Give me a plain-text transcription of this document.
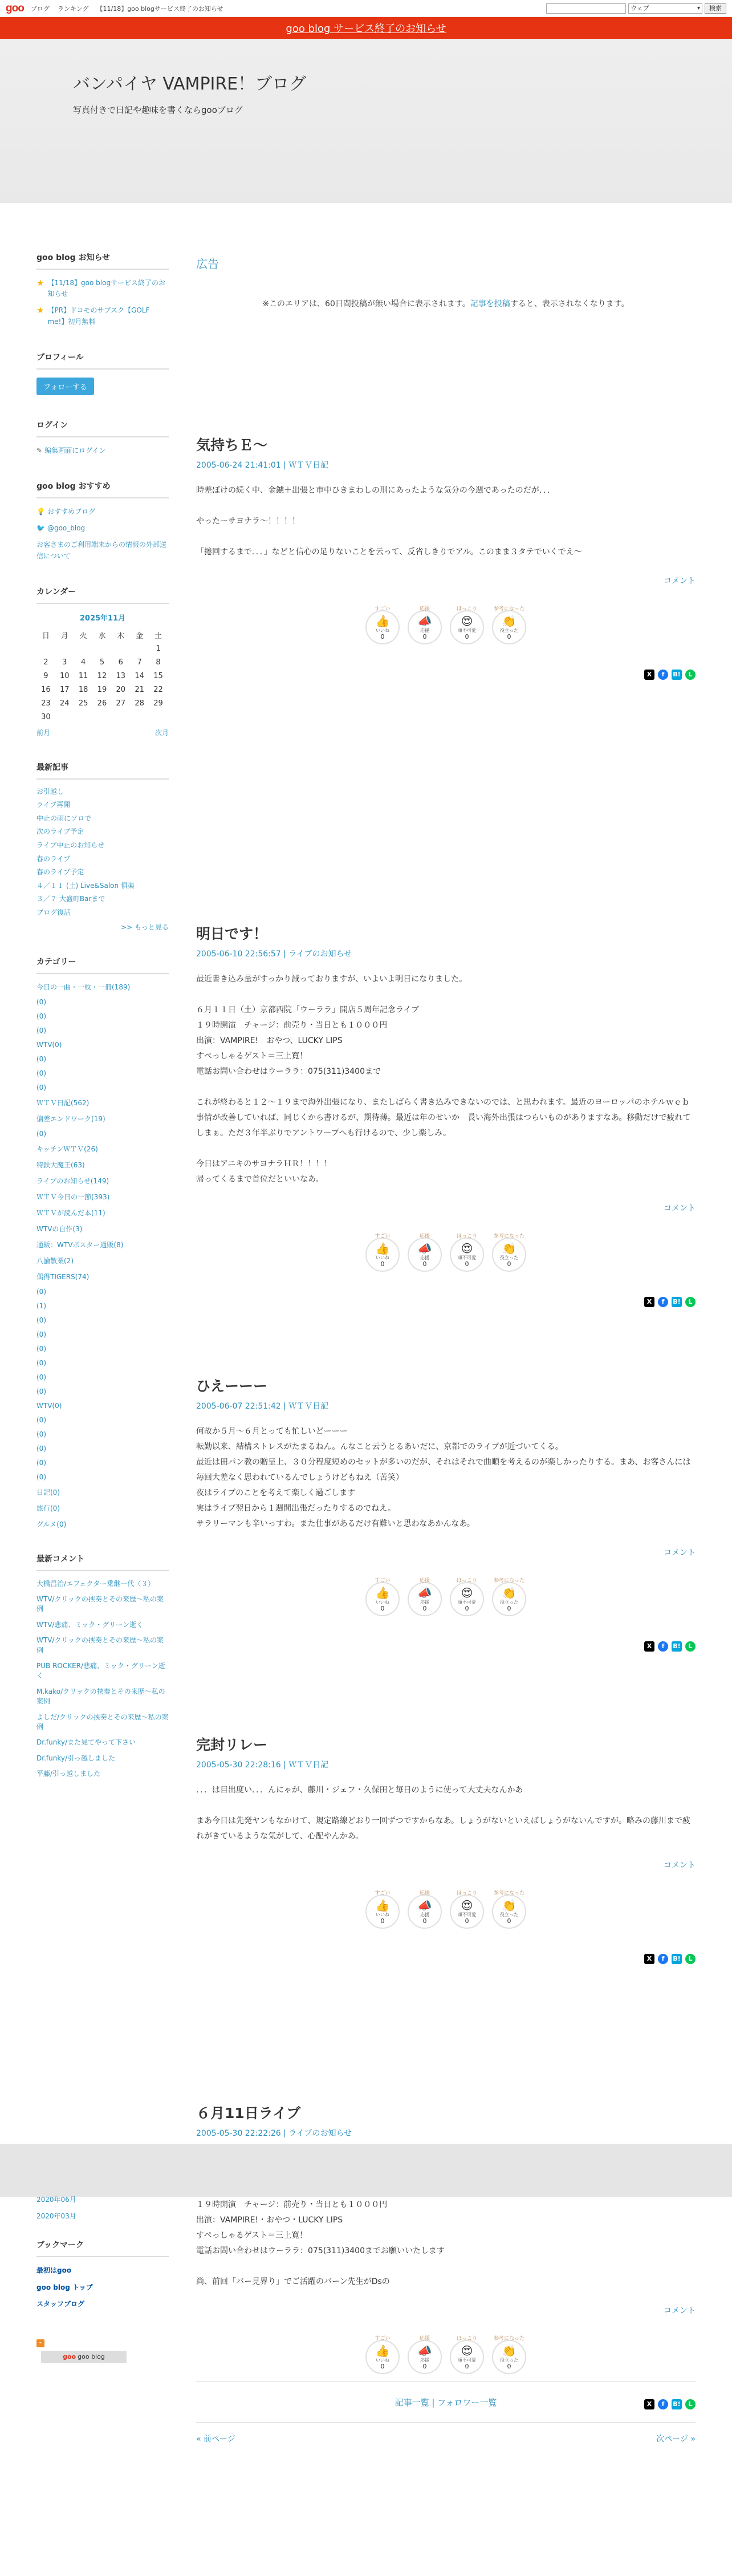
goo ブログ ランキング 【11/18】goo blogサービス終了のお知らせ	ウェブ ▾	検索
goo blog サービス終了のお知らせ
バンパイヤ VAMPIRE！ブログ
写真付きで日記や趣味を書くならgooブログ
goo blog お知らせ
★ 【11/18】goo blogサービス終了のお知らせ
★ 【PR】ドコモのサブスク【GOLF me!】初月無料
プロフィール
フォローする
ログイン
✎ 編集画面にログイン
goo blog おすすめ
💡 おすすめブログ
🐦 @goo_blog
お客さまのご利用端末からの情報の外部送信について
カレンダー
2025年11月
日	月	火	水	木	金	土
						1
2	3	4	5	6	7	8
9	10	11	12	13	14	15
16	17	18	19	20	21	22
23	24	25	26	27	28	29
30						
前月	次月
最新記事
お引越し
ライブ再開
中止の雨にソロで
次のライブ予定
ライブ中止のお知らせ
春のライブ
春のライブ予定
４／１１ (土) Live&Salon 倶楽
３／７ 大盛町Barまで
ブログ復活
>> もっと見る
カテゴリー
今日の一曲・一枚・一冊(189)
(0)
(0)
(0)
WTV(0)
(0)
(0)
(0)
ＷＴＶ日記(562)
偏差エンドワーク(19)
(0)
キッチンＷＴＶ(26)
特鉄大魔王(63)
ライブのお知らせ(149)
ＷＴＶ今日の一節(393)
ＷＴＶが読んだ本(11)
WTVの自作(3)
通販：WTVボスター通販(8)
八論散業(2)
偶得TIGERS(74)
(0)
(1)
(0)
(0)
(0)
(0)
(0)
(0)
WTV(0)
(0)
(0)
(0)
(0)
(0)
日記(0)
旅行(0)
グルメ(0)
最新コメント
大橋昌治/エフェクター乗継一代（３）
WTV/クリックの挟奏とその来歴～私の案例
WTV/悲痛、ミック・グリーン逝く
WTV/クリックの挟奏とその来歴～私の案例
PUB ROCKER/悲痛、ミック・グリーン逝く
M.kako/クリックの挟奏とその来歴～私の案例
よしだ/クリックの挟奏とその来歴～私の案例
Dr.funky/また見てやって下さい
Dr.funky/引っ越しました
平藤/引っ越しました
広告
※このエリアは、60日間投稿が無い場合に表示されます。記事を投稿すると、表示されなくなります。
気持ちＥ～
2005-06-24 21:41:01 | ＷＴＶ日記

時差ぼけの続く中、金鑢＋出張と市中ひきまわしの刑にあったような気分の今週であったのだが．．．

やったーサヨナラ～！！！！

「捲回するまで．．．」などと信心の足りないことを云って、反省しきりでアル。このまま３タテでいくでえ～

コメント
すごい
👍
いいね
0
応援
📣
応援
0
ほっこり
😍
頑不可愛
0
参考になった
👏
役立った
0
X	f	B!	L
明日です！
2005-06-10 22:56:57 | ライブのお知らせ

最近書き込み量がすっかり減っておりますが、いよいよ明日になりました。

６月１１日（土）京都西院「ウーララ」開店５周年記念ライブ

１９時開演　チャージ：前売り・当日とも１０００円

出演：VAMPIRE!　おやつ、LUCKY LIPS

すぺっしゃるゲスト＝三上寛！

電話お問い合わせはウーララ：075(311)3400まで

これが終わると１２～１９まで海外出張になり、またしばらく書き込みできないのでは、と思われます。最近のヨーロッパのホテルｗｅｂ事情が改善していれば、同じくから書けるが、期待薄。最近は年のせいか　長い海外出張はつらいものがありますなあ。移動だけで疲れてしまぁ。ただ３年半ぶりでアントワープへも行けるので、少し楽しみ。

今日はアニキのサヨナラＨＲ！！！！

帰ってくるまで首位だといいなあ。

コメント
すごい
👍
いいね
0
応援
📣
応援
0
ほっこり
😍
頑不可愛
0
参考になった
👏
役立った
0
X	f	B!	L
ひえーーー
2005-06-07 22:51:42 | ＷＴＶ日記

何故か５月～６月とっても忙しいどーーー

転勤以来、結構ストレスがたまるねん。んなこと云うとるあいだに、京都でのライブが近づいてくる。

最近は田パン教の贈呈上、３０分程度短めのセットが多いのだが、それはそれで曲順を考えるのが楽しかったりする。まあ、お客さんには毎回大差なく思われているんでしょうけどもねえ（苦笑）

夜はライブのことを考えて楽しく過ごします

実はライブ翌日から１週間出張だったりするのでねえ。

サラリーマンも辛いっすわ。また仕事があるだけ有難いと思わなあかんなあ。

コメント
すごい
👍
いいね
0
応援
📣
応援
0
ほっこり
😍
頑不可愛
0
参考になった
👏
役立った
0
X	f	B!	L
完封リレー
2005-05-30 22:28:16 | ＷＴＶ日記

．．．は目出度い．．．んにゃが、藤川・ジェフ・久保田と毎日のように使って大丈夫なんかあ

まあ今日は先発ヤンもなかけて、規定路線どおり一回ずつですからなあ。しょうがないといえばしょうがないんですが。略みの藤川まで疲れがきているような気がして、心配やんかあ。

コメント
すごい
👍
いいね
0
応援
📣
応援
0
ほっこり
😍
頑不可愛
0
参考になった
👏
役立った
0
X	f	B!	L
６月11日ライブ
2005-05-30 22:22:26 | ライブのお知らせ

１９時開演　チャージ：前売り・当日とも１０００円

出演：VAMPIRE!・おやつ・LUCKY LIPS

すぺっしゃるゲスト＝三上寛！

電話お問い合わせはウーララ：075(311)3400までお願いいたします

尚、前回「バー見界り」でご活躍のバーン先生がDsの

コメント
すごい
👍
いいね
0
応援
📣
応援
0
ほっこり
😍
頑不可愛
0
参考になった
👏
役立った
0
X	f	B!	L
2020年06月
2020年03月
ブックマーク
最初はgoo
goo blog トップ
スタッフブログ
⌁
goo goo blog
記事一覧 | フォロワー一覧
« 前ページ	次ページ »
